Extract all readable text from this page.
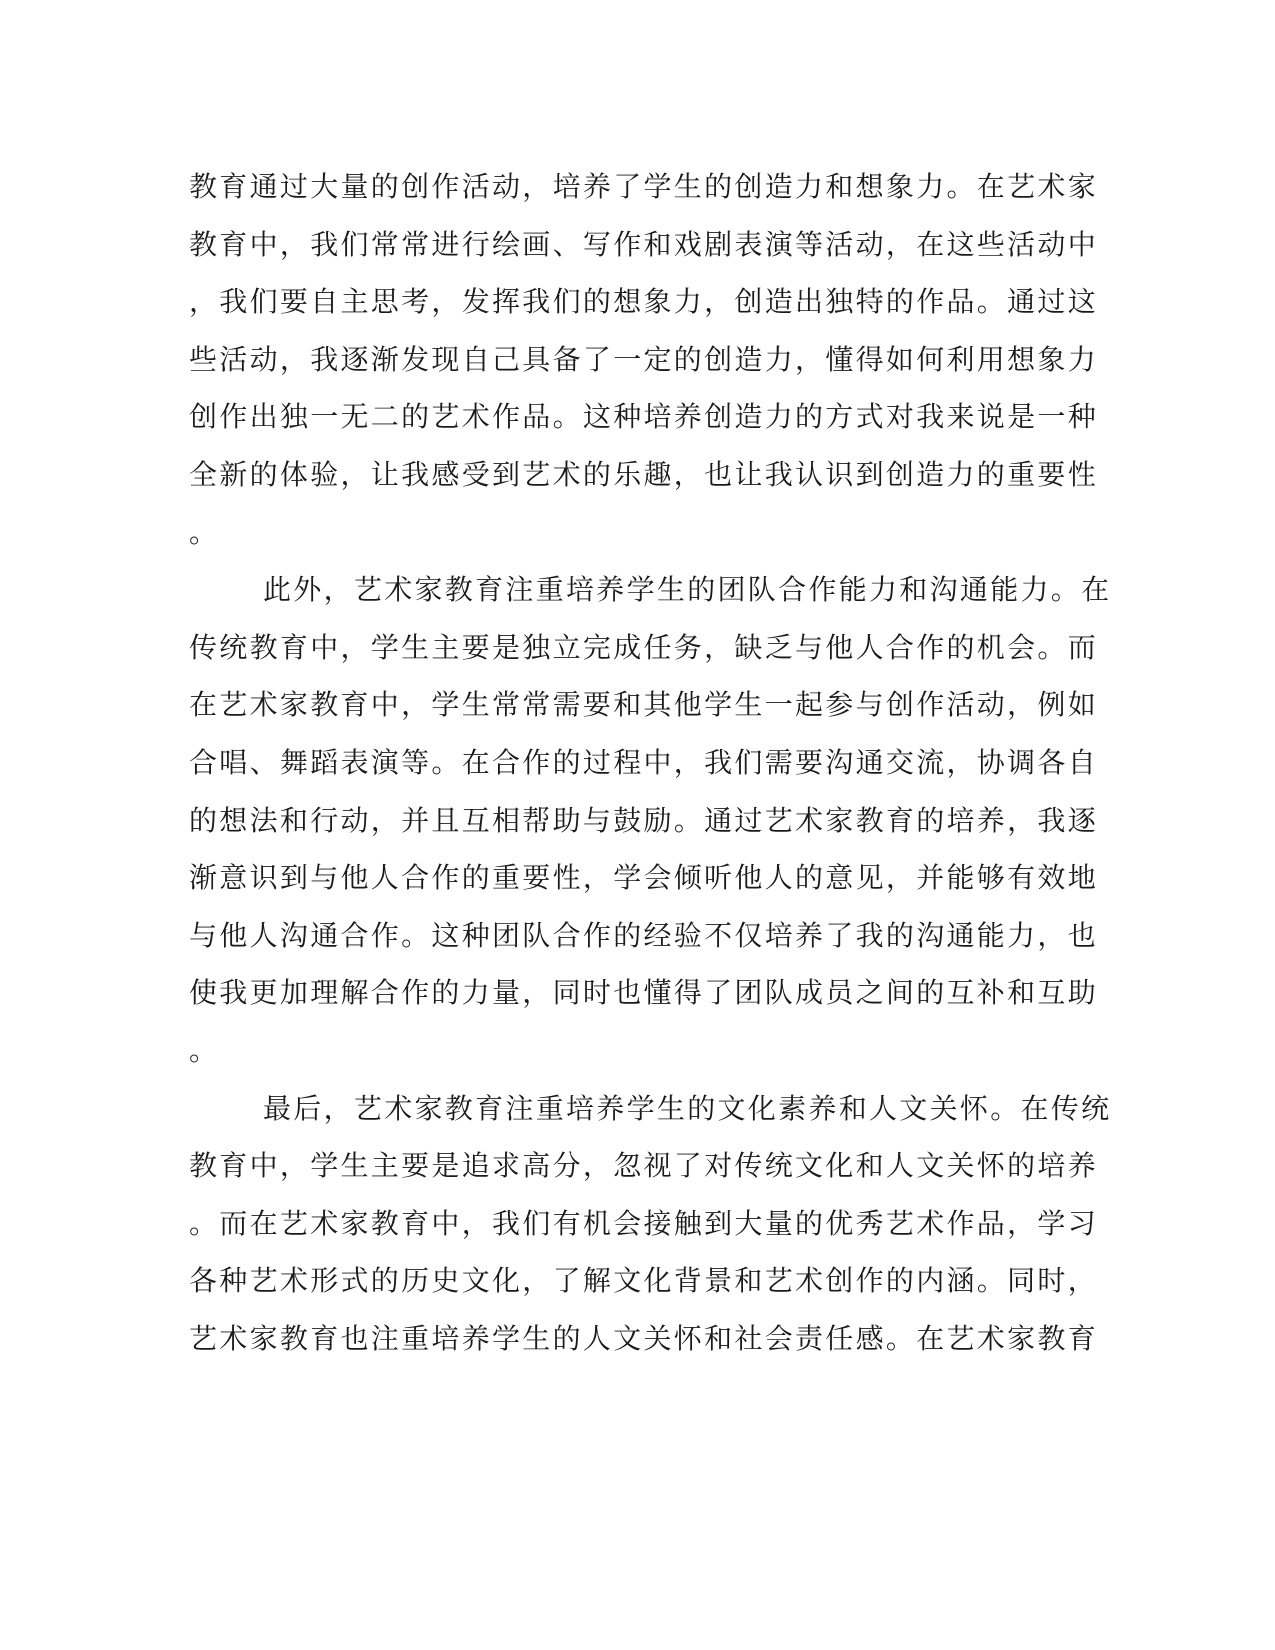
教育通过大量的创作活动，培养了学生的创造力和想象力。在艺术家
教育中，我们常常进行绘画、写作和戏剧表演等活动，在这些活动中
，我们要自主思考，发挥我们的想象力，创造出独特的作品。通过这
些活动，我逐渐发现自己具备了一定的创造力，懂得如何利用想象力
创作出独一无二的艺术作品。这种培养创造力的方式对我来说是一种
全新的体验，让我感受到艺术的乐趣，也让我认识到创造力的重要性
。
此外，艺术家教育注重培养学生的团队合作能力和沟通能力。在
传统教育中，学生主要是独立完成任务，缺乏与他人合作的机会。而
在艺术家教育中，学生常常需要和其他学生一起参与创作活动，例如
合唱、舞蹈表演等。在合作的过程中，我们需要沟通交流，协调各自
的想法和行动，并且互相帮助与鼓励。通过艺术家教育的培养，我逐
渐意识到与他人合作的重要性，学会倾听他人的意见，并能够有效地
与他人沟通合作。这种团队合作的经验不仅培养了我的沟通能力，也
使我更加理解合作的力量，同时也懂得了团队成员之间的互补和互助
。
最后，艺术家教育注重培养学生的文化素养和人文关怀。在传统
教育中，学生主要是追求高分，忽视了对传统文化和人文关怀的培养
。而在艺术家教育中，我们有机会接触到大量的优秀艺术作品，学习
各种艺术形式的历史文化，了解文化背景和艺术创作的内涵。同时，
艺术家教育也注重培养学生的人文关怀和社会责任感。在艺术家教育
